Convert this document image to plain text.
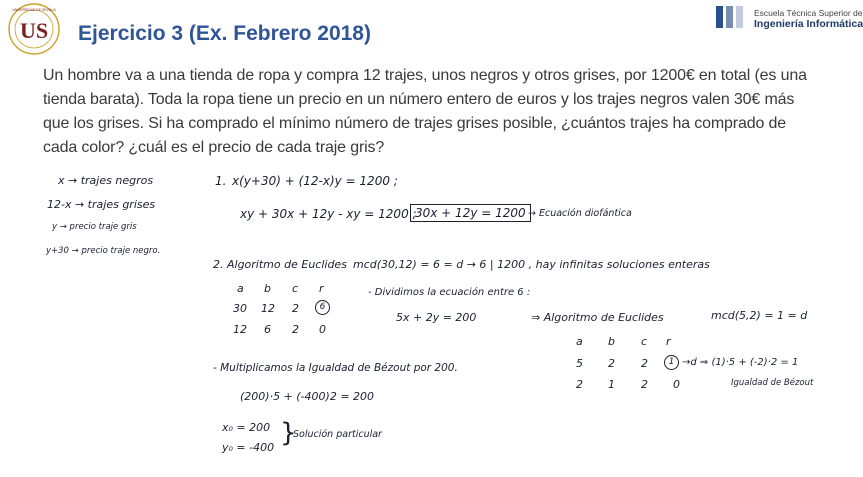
US
UNIVERSIDAD DE SEVILLA
Ejercicio 3 (Ex. Febrero 2018)
Escuela Técnica Superior de
Ingeniería Informática
Un hombre va a una tienda de ropa y compra 12 trajes, unos negros y otros grises, por 1200€ en total (es una tienda barata). Toda la ropa tiene un precio en un número entero de euros y los trajes negros valen 30€ más que los grises. Si ha comprado el mínimo número de trajes grises posible, ¿cuántos trajes ha comprado de cada color? ¿cuál es el precio de cada traje gris?
x → trajes negros
12-x → trajes grises
y → precio traje gris
y+30 → precio traje negro.
1. x(y+30) + (12-x)y = 1200 ;
xy + 30x + 12y - xy = 1200 ;
30x + 12y = 1200 → Ecuación diofántica
2. Algoritmo de Euclides mcd(30,12) = 6 = d → 6 | 1200 , hay infinitas soluciones enteras
a b c r
30 12 2	6
12 6 2 0
- Dividimos la ecuación entre 6 :
5x + 2y = 200	⇒ Algoritmo de Euclides	mcd(5,2) = 1 = d
a b c r
5 2 2	1 →d ⇒ (1)·5 + (-2)·2 = 1
2 1 2 0	Igualdad de Bézout
- Multiplicamos la Igualdad de Bézout por 200.
(200)·5 + (-400)2 = 200
x₀ = 200
y₀ = -400 }
Solución particular
